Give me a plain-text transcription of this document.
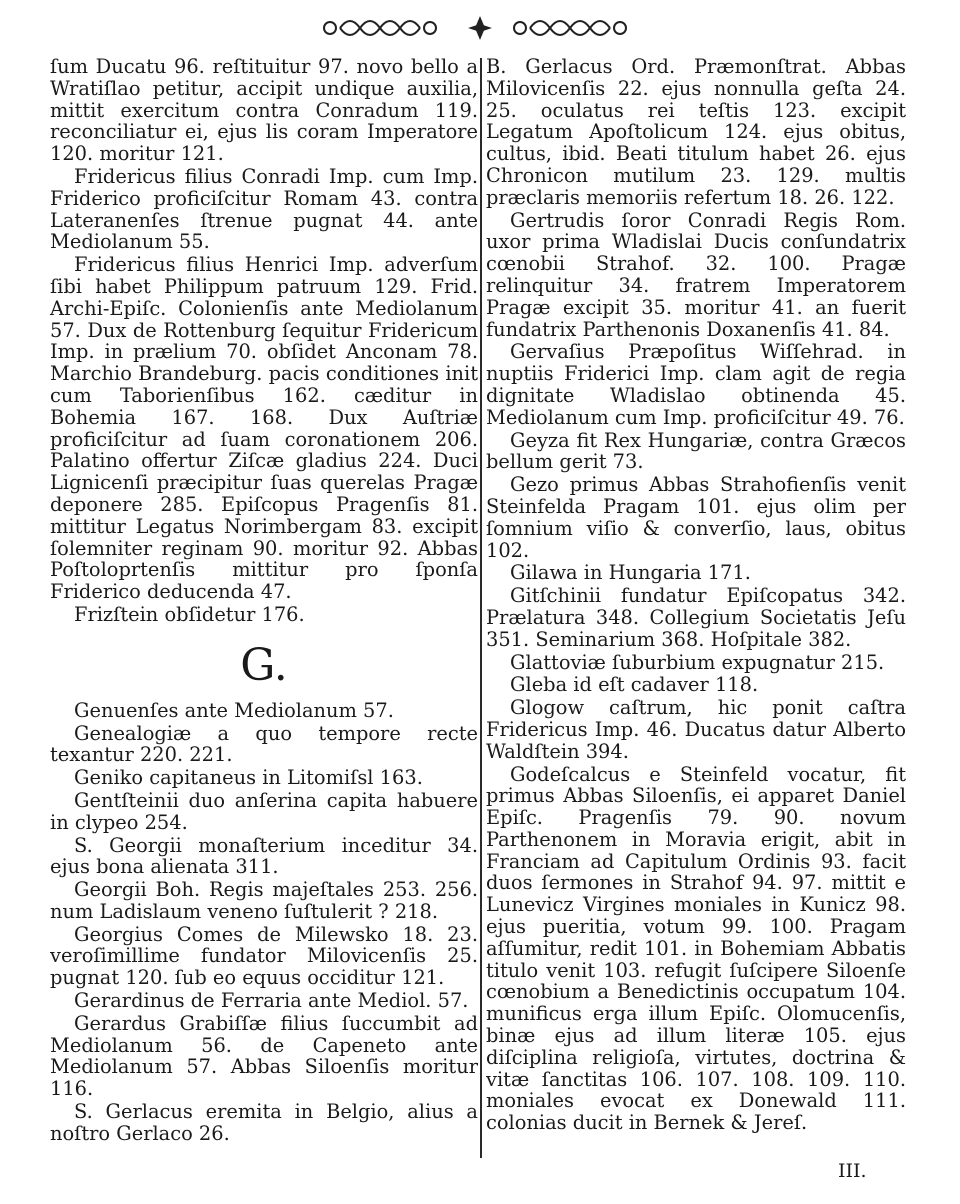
ſum Ducatu 96. reſtituitur 97. novo bello a Wratiſlao petitur, accipit undique auxilia, mittit exercitum contra Conradum 119. reconciliatur ei, ejus lis coram Imperatore 120. moritur 121.

Fridericus filius Conradi Imp. cum Imp. Friderico proficiſcitur Romam 43. contra Lateranenſes ſtrenue pugnat 44. ante Mediolanum 55.

Fridericus filius Henrici Imp. adverſum ſibi habet Philippum patruum 129. Frid. Archi-Epiſc. Colonienſis ante Mediolanum 57. Dux de Rottenburg ſequitur Fridericum Imp. in prælium 70. obſidet Anconam 78. Marchio Brandeburg. pacis conditiones init cum Taborienſibus 162. cæditur in Bohemia 167. 168. Dux Auſtriæ proficiſcitur ad ſuam coronationem 206. Palatino offertur Ziſcæ gladius 224. Duci Lignicenſi præcipitur ſuas querelas Pragæ deponere 285. Epiſcopus Pragenſis 81. mittitur Legatus Norimbergam 83. excipit ſolemniter reginam 90. moritur 92. Abbas Poſtoloprtenſis mittitur pro ſponſa Friderico deducenda 47.

Frizſtein obſidetur 176.

G.

Genuenſes ante Mediolanum 57.

Genealogiæ a quo tempore recte texantur 220. 221.

Geniko capitaneus in Litomiſsl 163.

Gentſteinii duo anſerina capita habuere in clypeo 254.

S. Georgii monaſterium inceditur 34. ejus bona alienata 311.

Georgii Boh. Regis majeſtales 253. 256. num Ladislaum veneno ſuſtulerit ? 218.

Georgius Comes de Milewsko 18. 23. veroſimillime fundator Milovicenſis 25. pugnat 120. ſub eo equus occiditur 121.

Gerardinus de Ferraria ante Mediol. 57.

Gerardus Grabiſſæ filius ſuccumbit ad Mediolanum 56. de Capeneto ante Mediolanum 57. Abbas Siloenſis moritur 116.

S. Gerlacus eremita in Belgio, alius a noſtro Gerlaco 26.

B. Gerlacus Ord. Præmonſtrat. Abbas Milovicenſis 22. ejus nonnulla geſta 24. 25. oculatus rei teſtis 123. excipit Legatum Apoſtolicum 124. ejus obitus, cultus, ibid. Beati titulum habet 26. ejus Chronicon mutilum 23. 129. multis præclaris memoriis refertum 18. 26. 122.

Gertrudis ſoror Conradi Regis Rom. uxor prima Wladislai Ducis conſundatrix cœnobii Strahof. 32. 100. Pragæ relinquitur 34. fratrem Imperatorem Pragæ excipit 35. moritur 41. an fuerit fundatrix Parthenonis Doxanenſis 41. 84.

Gervaſius Præpoſitus Wiſſehrad. in nuptiis Friderici Imp. clam agit de regia dignitate Wladislao obtinenda 45. Mediolanum cum Imp. proficiſcitur 49. 76.

Geyza fit Rex Hungariæ, contra Græcos bellum gerit 73.

Gezo primus Abbas Strahofienſis venit Steinfelda Pragam 101. ejus olim per ſomnium viſio & converſio, laus, obitus 102.

Gilawa in Hungaria 171.

Gitſchinii fundatur Epiſcopatus 342. Prælatura 348. Collegium Societatis Jeſu 351. Seminarium 368. Hoſpitale 382.

Glattoviæ ſuburbium expugnatur 215.

Gleba id eſt cadaver 118.

Glogow caſtrum, hic ponit caſtra Fridericus Imp. 46. Ducatus datur Alberto Waldſtein 394.

Godeſcalcus e Steinfeld vocatur, fit primus Abbas Siloenſis, ei apparet Daniel Epiſc. Pragenſis 79. 90. novum Parthenonem in Moravia erigit, abit in Franciam ad Capitulum Ordinis 93. facit duos ſermones in Strahof 94. 97. mittit e Lunevicz Virgines moniales in Kunicz 98. ejus pueritia, votum 99. 100. Pragam aſſumitur, redit 101. in Bohemiam Abbatis titulo venit 103. refugit ſuſcipere Siloenſe cœnobium a Benedictinis occupatum 104. munificus erga illum Epiſc. Olomucenſis, binæ ejus ad illum literæ 105. ejus diſciplina religioſa, virtutes, doctrina & vitæ ſanctitas 106. 107. 108. 109. 110. moniales evocat ex Donewald 111. colonias ducit in Bernek & Jereſ.

III.
